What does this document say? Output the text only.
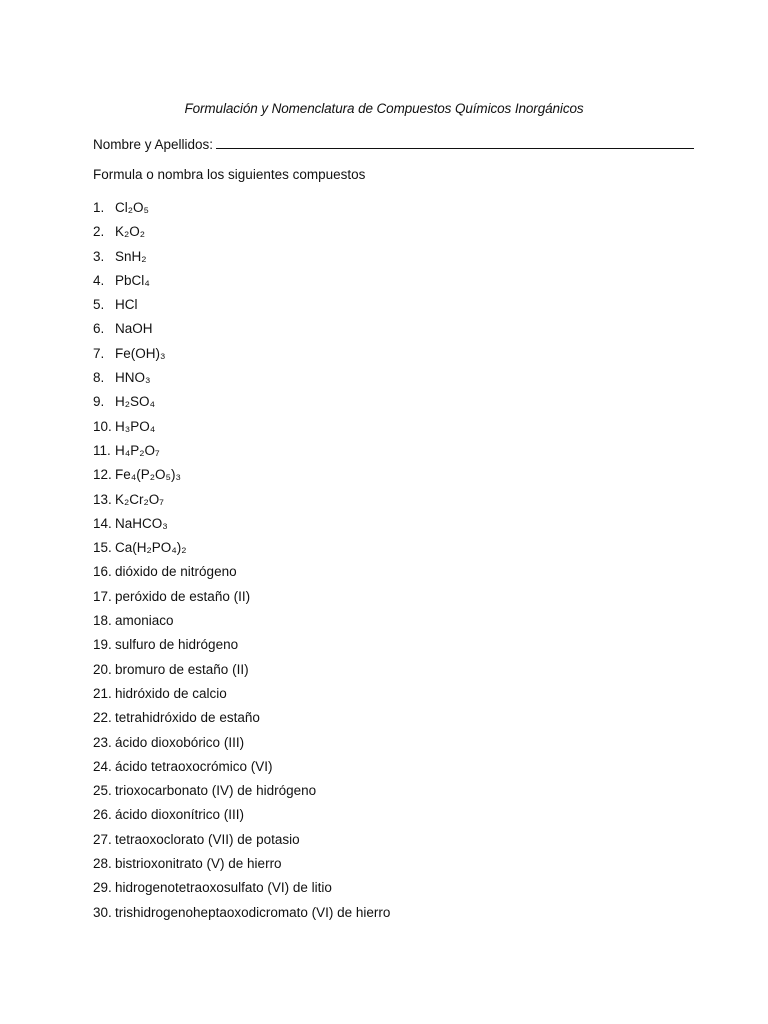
Formulación y Nomenclatura de Compuestos Químicos Inorgánicos
Nombre y Apellidos:
Formula o nombra los siguientes compuestos
1. Cl₂O₅
2. K₂O₂
3. SnH₂
4. PbCl₄
5. HCl
6. NaOH
7. Fe(OH)₃
8. HNO₃
9. H₂SO₄
10. H₃PO₄
11. H₄P₂O₇
12. Fe₄(P₂O₅)₃
13. K₂Cr₂O₇
14. NaHCO₃
15. Ca(H₂PO₄)₂
16. dióxido de nitrógeno
17. peróxido de estaño (II)
18. amoniaco
19. sulfuro de hidrógeno
20. bromuro de estaño (II)
21. hidróxido de calcio
22. tetrahidróxido de estaño
23. ácido dioxobórico (III)
24. ácido tetraoxocrómico (VI)
25. trioxocarbonato (IV) de hidrógeno
26. ácido dioxonítrico (III)
27. tetraoxoclorato (VII) de potasio
28. bistrioxonitrato (V) de hierro
29. hidrogenotetraoxosulfato (VI) de litio
30. trishidrogenoheptaoxodicromato (VI) de hierro
